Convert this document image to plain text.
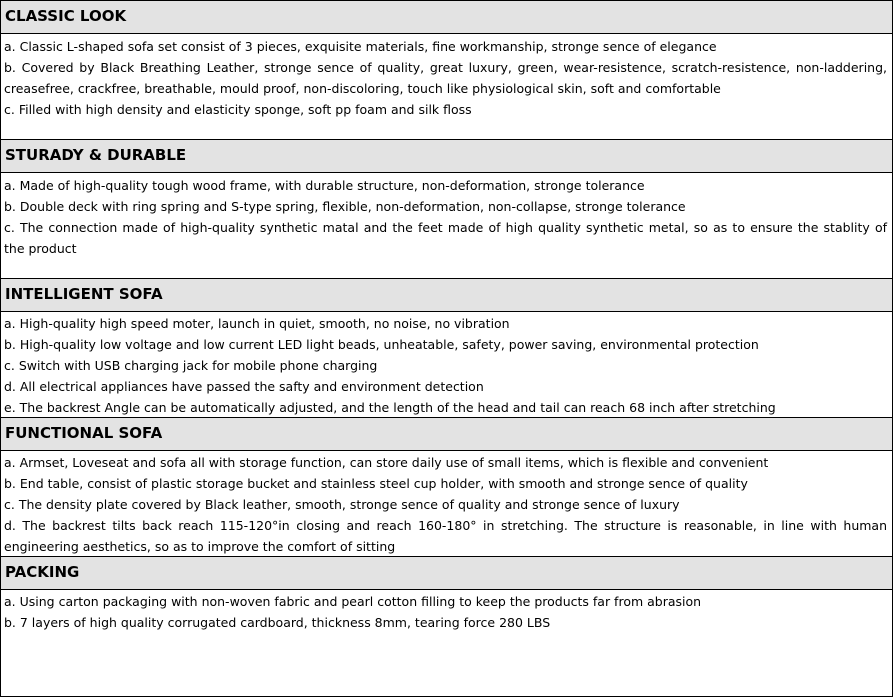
CLASSIC LOOK
a. Classic L-shaped sofa set consist of 3 pieces, exquisite materials, fine workmanship, stronge sence of elegance
b. Covered by Black Breathing Leather, stronge sence of quality, great luxury, green, wear-resistence, scratch-resistence, non-laddering,
creasefree, crackfree, breathable, mould proof, non-discoloring, touch like physiological skin, soft and comfortable
c. Filled with high density and elasticity sponge, soft pp foam and silk floss
STURADY & DURABLE
a. Made of high-quality tough wood frame, with durable structure, non-deformation, stronge tolerance
b. Double deck with ring spring and S-type spring, flexible, non-deformation, non-collapse, stronge tolerance
c. The connection made of high-quality synthetic matal and the feet made of high quality synthetic metal, so as to ensure the stablity of
the product
INTELLIGENT SOFA
a. High-quality high speed moter, launch in quiet, smooth, no noise, no vibration
b. High-quality low voltage and low current LED light beads, unheatable, safety, power saving, environmental protection
c. Switch with USB charging jack for mobile phone charging
d. All electrical appliances have passed the safty and environment detection
e. The backrest Angle can be automatically adjusted, and the length of the head and tail can reach 68 inch after stretching
FUNCTIONAL SOFA
a. Armset, Loveseat and sofa all with storage function, can store daily use of small items, which is flexible and convenient
b. End table, consist of plastic storage bucket and stainless steel cup holder, with smooth and stronge sence of quality
c. The density plate covered by Black leather, smooth, stronge sence of quality and stronge sence of luxury
d. The backrest tilts back reach 115-120°in closing and reach 160-180° in stretching. The structure is reasonable, in line with human
engineering aesthetics, so as to improve the comfort of sitting
PACKING
a. Using carton packaging with non-woven fabric and pearl cotton filling to keep the products far from abrasion
b. 7 layers of high quality corrugated cardboard, thickness 8mm, tearing force 280 LBS
